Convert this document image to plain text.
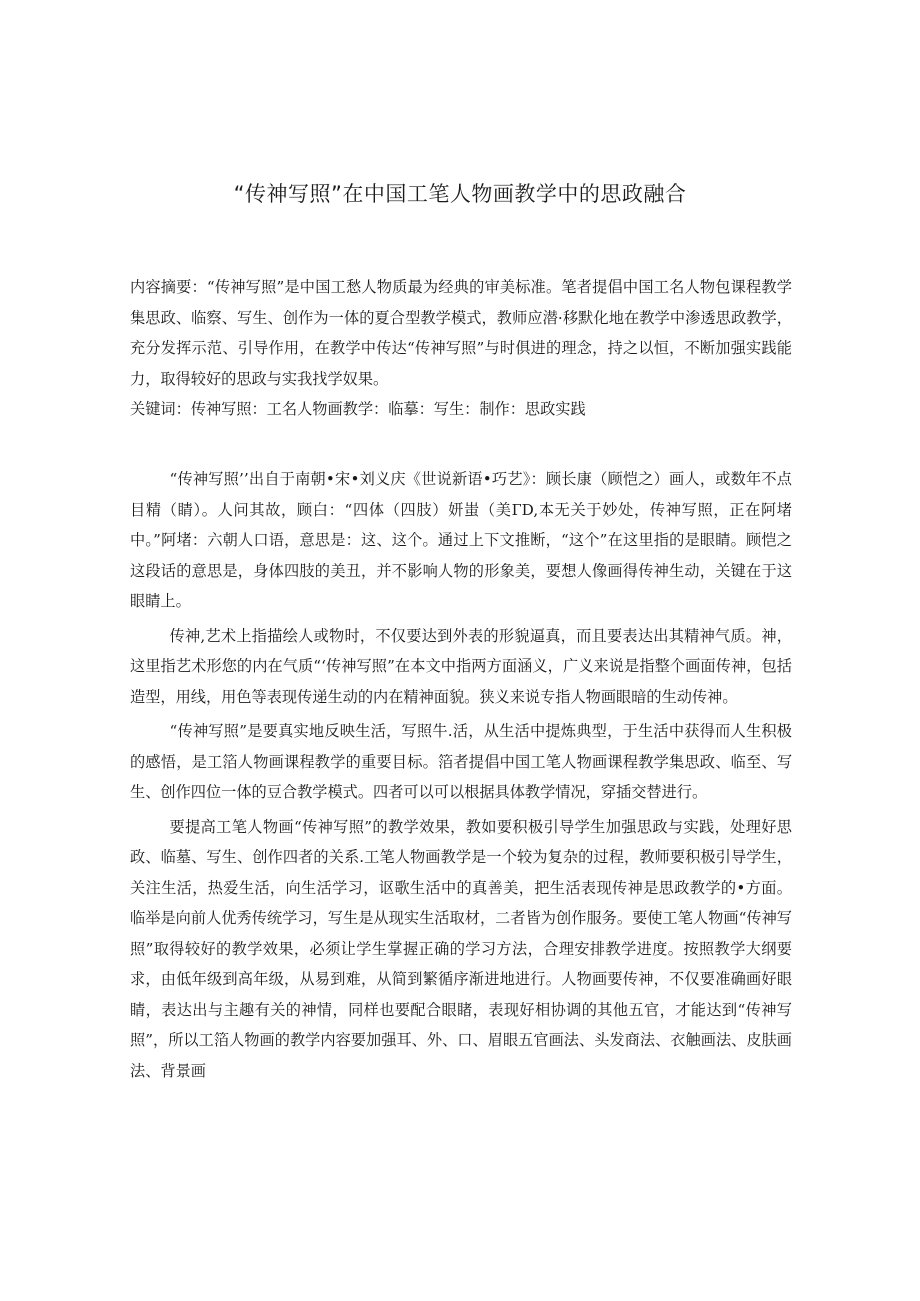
“传神写照”在中国工笔人物画教学中的思政融合

内容摘要：“传神写照”是中国工愁人物质最为经典的审美标准。笔者提倡中国工名人物包课程教学集思政、临察、写生、创作为一体的夏合型教学模式，教师应潜·移默化地在教学中渗透思政教学，充分发挥示范、引导作用，在教学中传达“传神写照”与时俱进的理念，持之以恒，不断加强实践能力，取得较好的思政与实我找学奴果。

关键词：传神写照：工名人物画教学：临摹：写生：制作：思政实践

“传神写照’’出自于南朝•宋•刘义庆《世说新语•巧艺》：顾长康（顾恺之）画人，或数年不点目精（睛）。人问其故，顾白：“四体（四肢）妍蚩（美ГD,本无关于妙处，传神写照，正在阿堵中。”阿堵：六朝人口语，意思是：这、这个。通过上下文推断，“这个”在这里指的是眼睛。顾恺之这段话的意思是，身体四肢的美丑，并不影响人物的形象美，要想人像画得传神生动，关键在于这眼睛上。

传神,艺术上指描绘人或物时，不仅要达到外表的形貌逼真，而且要表达出其精神气质。神，这里指艺术形您的内在气质“‘传神写照”在本文中指两方面涵义，广义来说是指整个画面传神，包括造型，用线，用色等表现传递生动的内在精神面貌。狭义来说专指人物画眼暗的生动传神。

“传神写照”是要真实地反映生活，写照牛.活，从生活中提炼典型，于生活中获得而人生积极的感悟，是工箔人物画课程教学的重要目标。箔者提倡中国工笔人物画课程教学集思政、临至、写生、创作四位一体的豆合教学模式。四者可以可以根据具体教学情况，穿插交替进行。

要提高工笔人物画“传神写照”的教学效果，教如要积极引导学生加强思政与实践，处理好思政、临墓、写生、创作四者的关系.工笔人物画教学是一个较为复杂的过程，教师要积极引导学生，关注生活，热爱生活，向生活学习，讴歌生活中的真善美，把生活表现传神是思政教学的•方面。临举是向前人优秀传统学习，写生是从现实生活取材，二者皆为创作服务。要使工笔人物画“传神写照”取得较好的教学效果，必须让学生掌握正确的学习方法，合理安排教学进度。按照教学大纲要求，由低年级到高年级，从易到难，从简到繁循序渐进地进行。人物画要传神，不仅要准确画好眼睛，表达出与主趣有关的神情，同样也要配合眼睹，表现好相协调的其他五官，才能达到“传神写照”，所以工箔人物画的教学内容要加强耳、外、口、眉眼五官画法、头发商法、衣触画法、皮肤画法、背景画
